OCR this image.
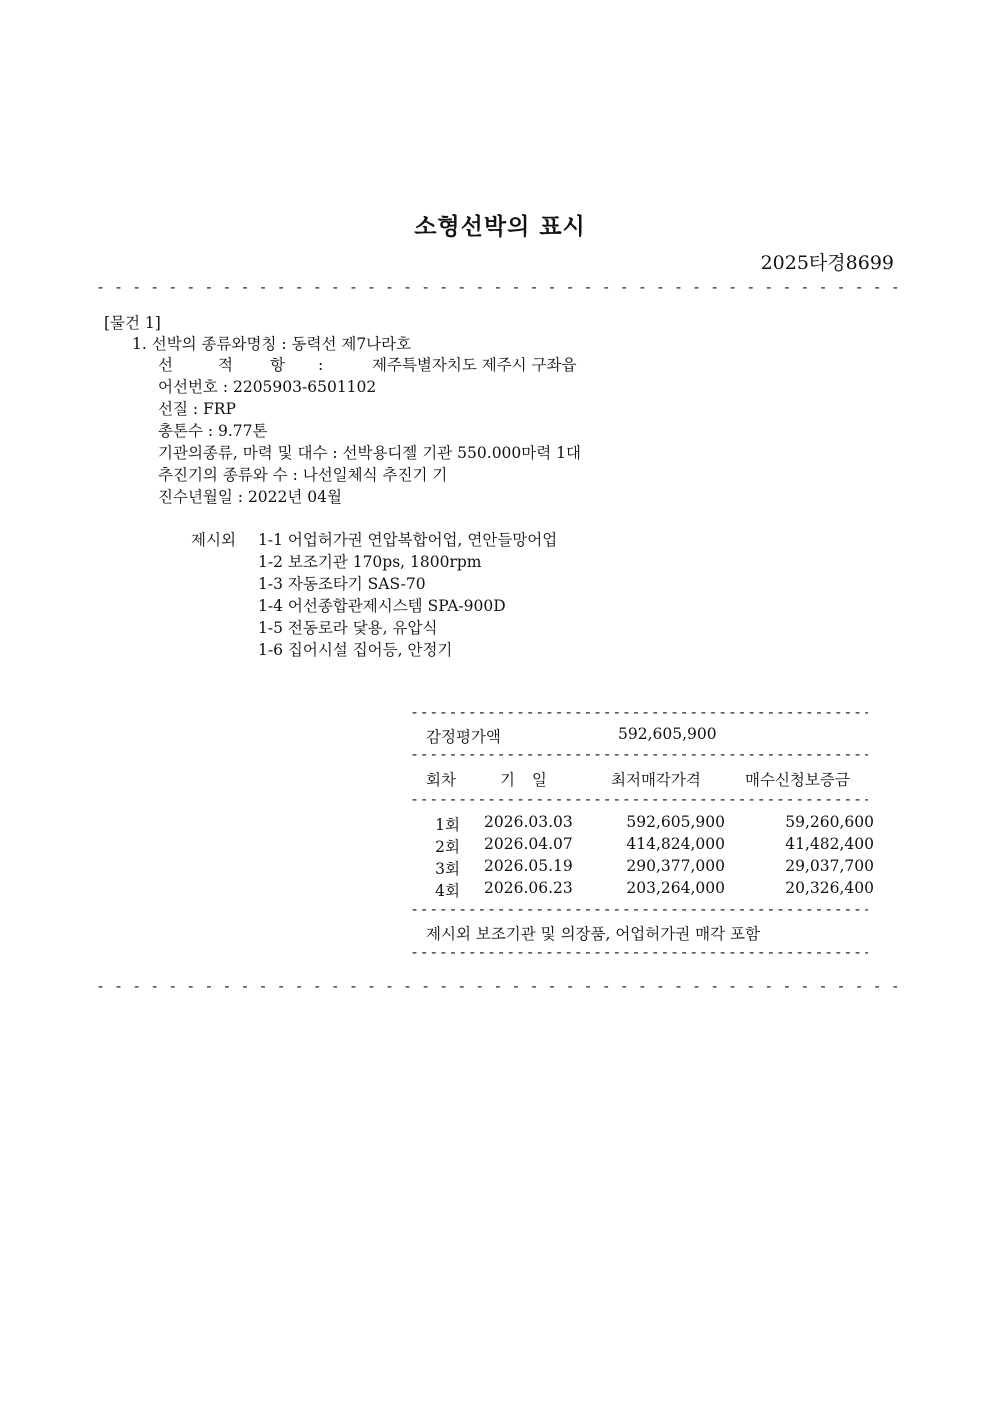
소형선박의 표시
2025타경8699
- - -
[물건 1]
1. 선박의 종류와명칭 : 동력선 제7나라호
선	적 항 :	제주특별자치도 제주시 구좌읍
어선번호 : 2205903-6501102
선질 : FRP
총톤수 : 9.77톤
기관의종류, 마력 및 대수 : 선박용디젤 기관 550.000마력 1대
추진기의 종류와 수 : 나선일체식 추진기 기
진수년월일 : 2022년 04월
제시외 1-1 어업허가권 연압복합어업, 연안들망어업
1-2 보조기관 170ps, 1800rpm
1-3 자동조타기 SAS-70
1-4 어선종합관제시스템 SPA-900D
1-5 전동로라 닻용, 유압식
1-6 집어시설 집어등, 안정기
-----
감정평가액	592,605,900
-----
회차	기 일	최저매각가격	매수신청보증금
-----
1회 2026.03.03	592,605,900	59,260,600
2회 2026.04.07	414,824,000	41,482,400
3회 2026.05.19	290,377,000	29,037,700
4회 2026.06.23	203,264,000	20,326,400
-----
제시외 보조기관 및 의장품, 어업허가권 매각 포함
-----
- - -
